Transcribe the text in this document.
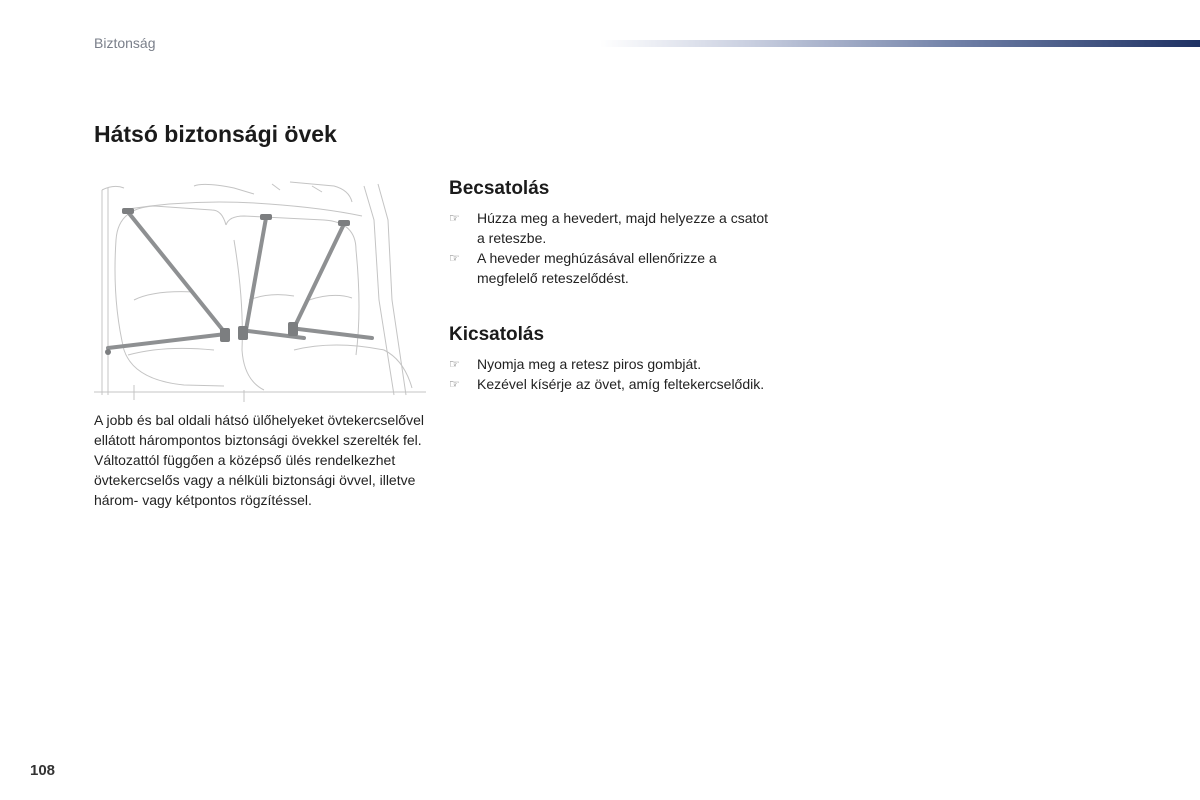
Biztonság
Hátsó biztonsági övek

A jobb és bal oldali hátsó ülőhelyeket övtekercselővel ellátott hárompontos biztonsági övekkel szerelték fel.

Változattól függően a középső ülés rendelkezhet övtekercselős vagy a nélküli biztonsági övvel, illetve három- vagy kétpontos rögzítéssel.

Becsatolás
☞ Húzza meg a hevedert, majd helyezze a csatot a reteszbe.
☞ A heveder meghúzásával ellenőrizze a megfelelő reteszelődést.
Kicsatolás
☞ Nyomja meg a retesz piros gombját.
☞ Kezével kísérje az övet, amíg feltekercselődik.
108
